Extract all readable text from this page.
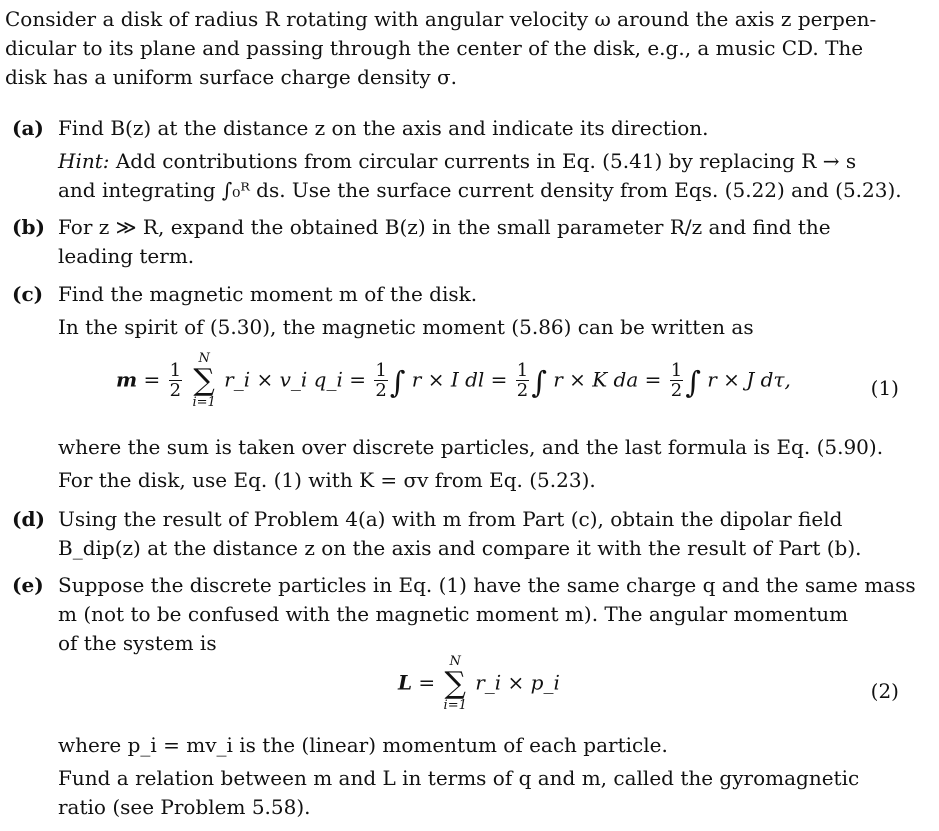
Consider a disk of radius R rotating with angular velocity ω around the axis z perpen-
dicular to its plane and passing through the center of the disk, e.g., a music CD. The
disk has a uniform surface charge density σ.
(a) Find B(z) at the distance z on the axis and indicate its direction.
Hint: Add contributions from circular currents in Eq. (5.41) by replacing R → s
and integrating ∫₀ᴿ ds. Use the surface current density from Eqs. (5.22) and (5.23).
(b) For z ≫ R, expand the obtained B(z) in the small parameter R/z and find the
leading term.
(c) Find the magnetic moment m of the disk.
In the spirit of (5.30), the magnetic moment (5.86) can be written as
$m = \frac{1}{2}$

N
∑
i=1
r_i × v_i q_i = $\frac{1}{2}$ ∫ r × I dl = $\frac{1}{2}$ ∫ r × K da = $\frac{1}{2}$ ∫ r × J dτ,	(1)
where the sum is taken over discrete particles, and the last formula is Eq. (5.90).
For the disk, use Eq. (1) with K = σv from Eq. (5.23).
(d) Using the result of Problem 4(a) with m from Part (c), obtain the dipolar field
B_dip(z) at the distance z on the axis and compare it with the result of Part (b).
(e) Suppose the discrete particles in Eq. (1) have the same charge q and the same mass
m (not to be confused with the magnetic moment m). The angular momentum
of the system is
L =
N
∑
i=1
r_i × p_i	(2)
where p_i = mv_i is the (linear) momentum of each particle.
Fund a relation between m and L in terms of q and m, called the gyromagnetic
ratio (see Problem 5.58).
